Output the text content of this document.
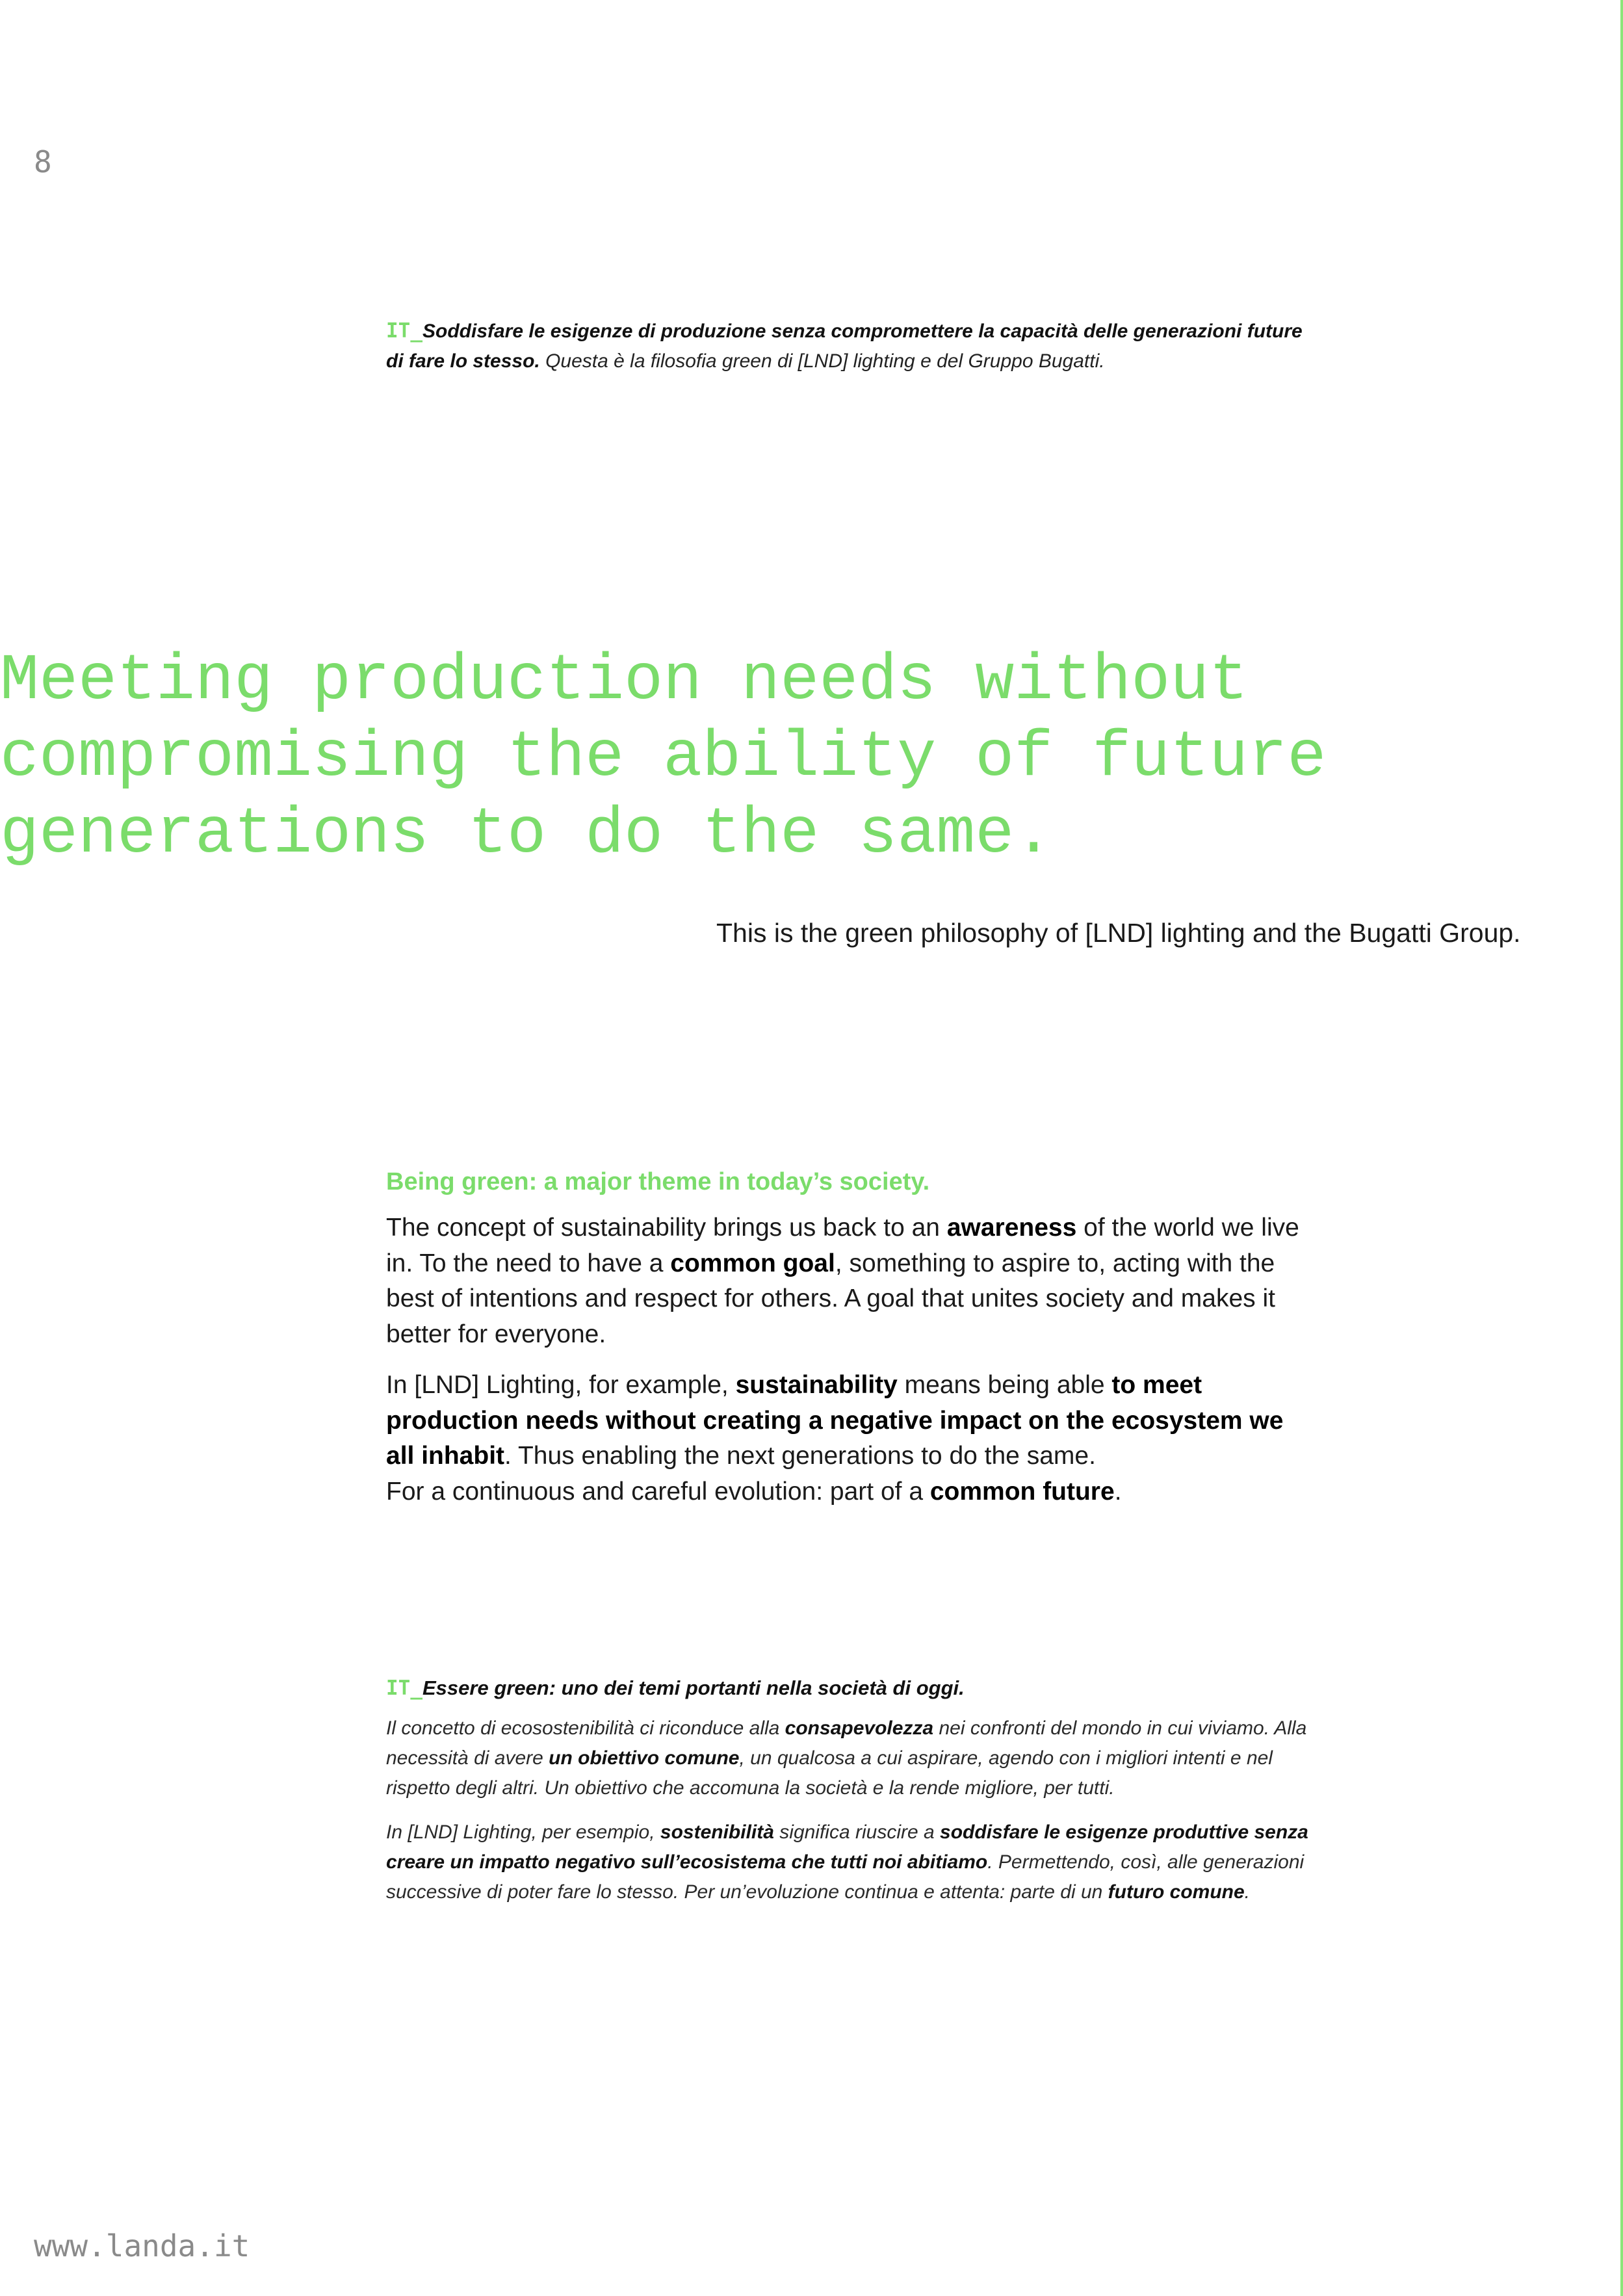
8
IT_Soddisfare le esigenze di produzione senza compromettere la capacità delle generazioni future di fare lo stesso. Questa è la filosofia green di [LND] lighting e del Gruppo Bugatti.
Meeting production needs without
compromising the ability of future
generations to do the same.
This is the green philosophy of [LND] lighting and the Bugatti Group.
Being green: a major theme in today’s society.

The concept of sustainability brings us back to an awareness of the world we live in. To the need to have a common goal, something to aspire to, acting with the best of intentions and respect for others. A goal that unites society and makes it better for everyone.

In [LND] Lighting, for example, sustainability means being able to meet production needs without creating a negative impact on the ecosystem we all inhabit. Thus enabling the next generations to do the same.
For a continuous and careful evolution: part of a common future.

IT_Essere green: uno dei temi portanti nella società di oggi.

Il concetto di ecosostenibilità ci riconduce alla consapevolezza nei confronti del mondo in cui viviamo. Alla necessità di avere un obiettivo comune, un qualcosa a cui aspirare, agendo con i migliori intenti e nel rispetto degli altri. Un obiettivo che accomuna la società e la rende migliore, per tutti.

In [LND] Lighting, per esempio, sostenibilità significa riuscire a soddisfare le esigenze produttive senza creare un impatto negativo sull’ecosistema che tutti noi abitiamo. Permettendo, così, alle generazioni successive di poter fare lo stesso. Per un’evoluzione continua e attenta: parte di un futuro comune.

www.landa.it
